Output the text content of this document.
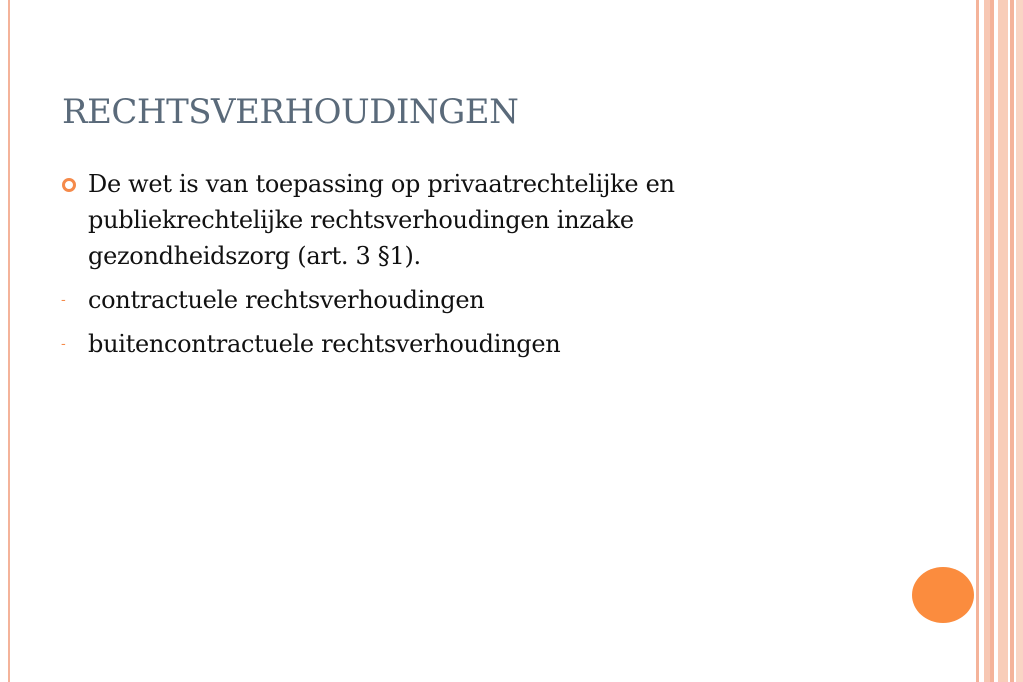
RECHTSVERHOUDINGEN
De wet is van toepassing op privaatrechtelijke en publiekrechtelijke rechtsverhoudingen inzake gezondheidszorg (art. 3 §1).
- contractuele rechtsverhoudingen
- buitencontractuele rechtsverhoudingen
